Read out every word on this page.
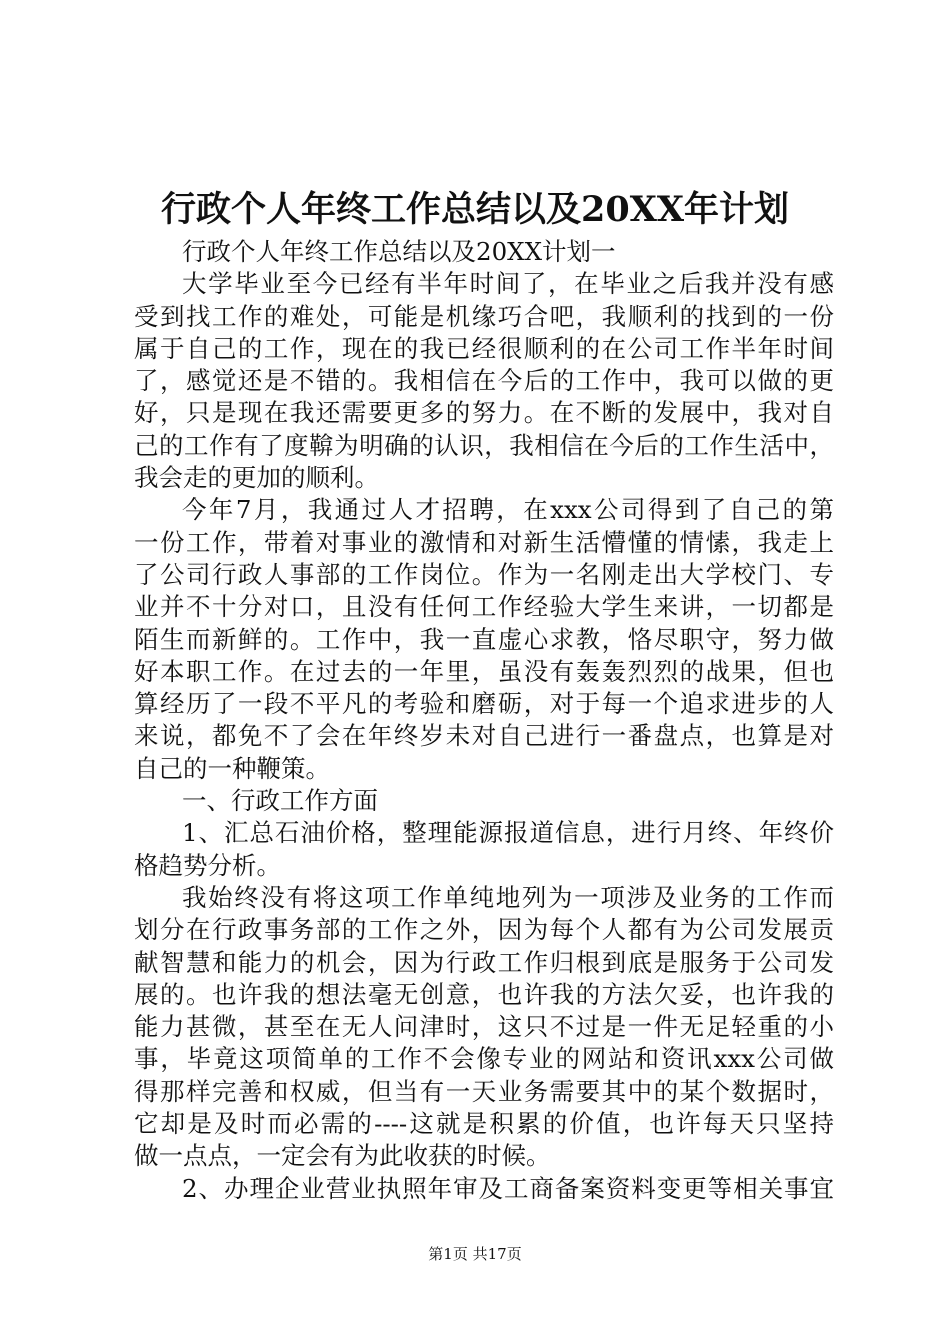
行政个人年终工作总结以及20XX年计划
行政个人年终工作总结以及20XX计划一
大学毕业至今已经有半年时间了，在毕业之后我并没有感
受到找工作的难处，可能是机缘巧合吧，我顺利的找到的一份
属于自己的工作，现在的我已经很顺利的在公司工作半年时间
了，感觉还是不错的。我相信在今后的工作中，我可以做的更
好，只是现在我还需要更多的努力。在不断的发展中，我对自
己的工作有了度鞥为明确的认识，我相信在今后的工作生活中，
我会走的更加的顺利。
今年7月，我通过人才招聘，在xxx公司得到了自己的第
一份工作，带着对事业的激情和对新生活懵懂的情愫，我走上
了公司行政人事部的工作岗位。作为一名刚走出大学校门、专
业并不十分对口，且没有任何工作经验大学生来讲，一切都是
陌生而新鲜的。工作中，我一直虚心求教，恪尽职守，努力做
好本职工作。在过去的一年里，虽没有轰轰烈烈的战果，但也
算经历了一段不平凡的考验和磨砺，对于每一个追求进步的人
来说，都免不了会在年终岁未对自己进行一番盘点，也算是对
自己的一种鞭策。
一、行政工作方面
1、汇总石油价格，整理能源报道信息，进行月终、年终价
格趋势分析。
我始终没有将这项工作单纯地列为一项涉及业务的工作而
划分在行政事务部的工作之外，因为每个人都有为公司发展贡
献智慧和能力的机会，因为行政工作归根到底是服务于公司发
展的。也许我的想法毫无创意，也许我的方法欠妥，也许我的
能力甚微，甚至在无人问津时，这只不过是一件无足轻重的小
事，毕竟这项简单的工作不会像专业的网站和资讯xxx公司做
得那样完善和权威，但当有一天业务需要其中的某个数据时，
它却是及时而必需的----这就是积累的价值，也许每天只坚持
做一点点，一定会有为此收获的时候。
2、办理企业营业执照年审及工商备案资料变更等相关事宜
第1页 共17页
